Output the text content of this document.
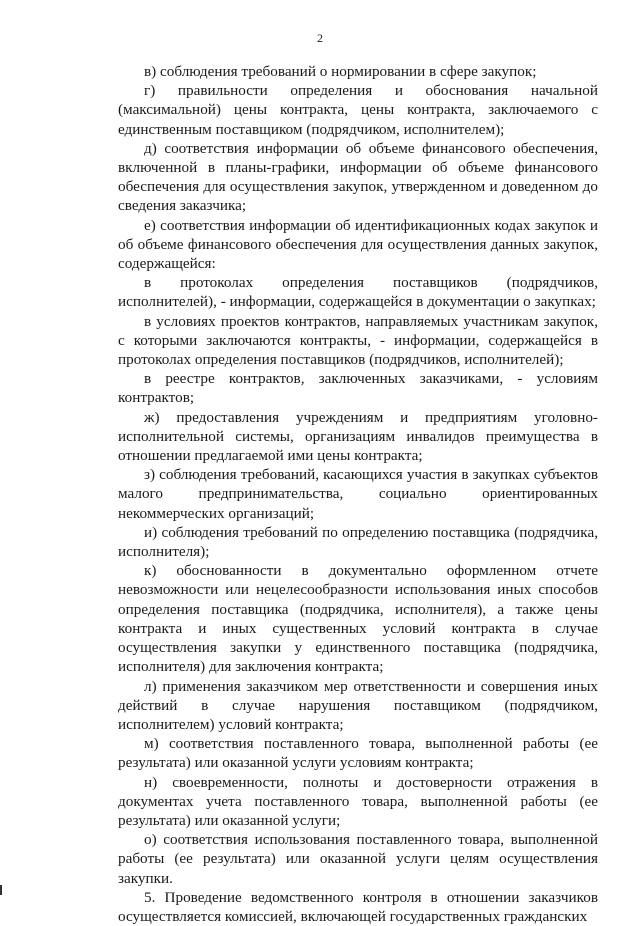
2

в) соблюдения требований о нормировании в сфере закупок;

г) правильности определения и обоснования начальной (максимальной) цены контракта, цены контракта, заключаемого с единственным поставщиком (подрядчиком, исполнителем);

д) соответствия информации об объеме финансового обеспечения, включенной в планы-графики, информации об объеме финансового обеспечения для осуществления закупок, утвержденном и доведенном до сведения заказчика;

е) соответствия информации об идентификационных кодах закупок и об объеме финансового обеспечения для осуществления данных закупок, содержащейся:

в протоколах определения поставщиков (подрядчиков, исполнителей), - информации, содержащейся в документации о закупках;

в условиях проектов контрактов, направляемых участникам закупок, с которыми заключаются контракты, - информации, содержащейся в протоколах определения поставщиков (подрядчиков, исполнителей);

в реестре контрактов, заключенных заказчиками, - условиям контрактов;

ж) предоставления учреждениям и предприятиям уголовно-исполнительной системы, организациям инвалидов преимущества в отношении предлагаемой ими цены контракта;

з) соблюдения требований, касающихся участия в закупках субъектов малого предпринимательства, социально ориентированных некоммерческих организаций;

и) соблюдения требований по определению поставщика (подрядчика, исполнителя);

к) обоснованности в документально оформленном отчете невозможности или нецелесообразности использования иных способов определения поставщика (подрядчика, исполнителя), а также цены контракта и иных существенных условий контракта в случае осуществления закупки у единственного поставщика (подрядчика, исполнителя) для заключения контракта;

л) применения заказчиком мер ответственности и совершения иных действий в случае нарушения поставщиком (подрядчиком, исполнителем) условий контракта;

м) соответствия поставленного товара, выполненной работы (ее результата) или оказанной услуги условиям контракта;

н) своевременности, полноты и достоверности отражения в документах учета поставленного товара, выполненной работы (ее результата) или оказанной услуги;

о) соответствия использования поставленного товара, выполненной работы (ее результата) или оказанной услуги целям осуществления закупки.

5. Проведение ведомственного контроля в отношении заказчиков осуществляется комиссией, включающей государственных гражданских
